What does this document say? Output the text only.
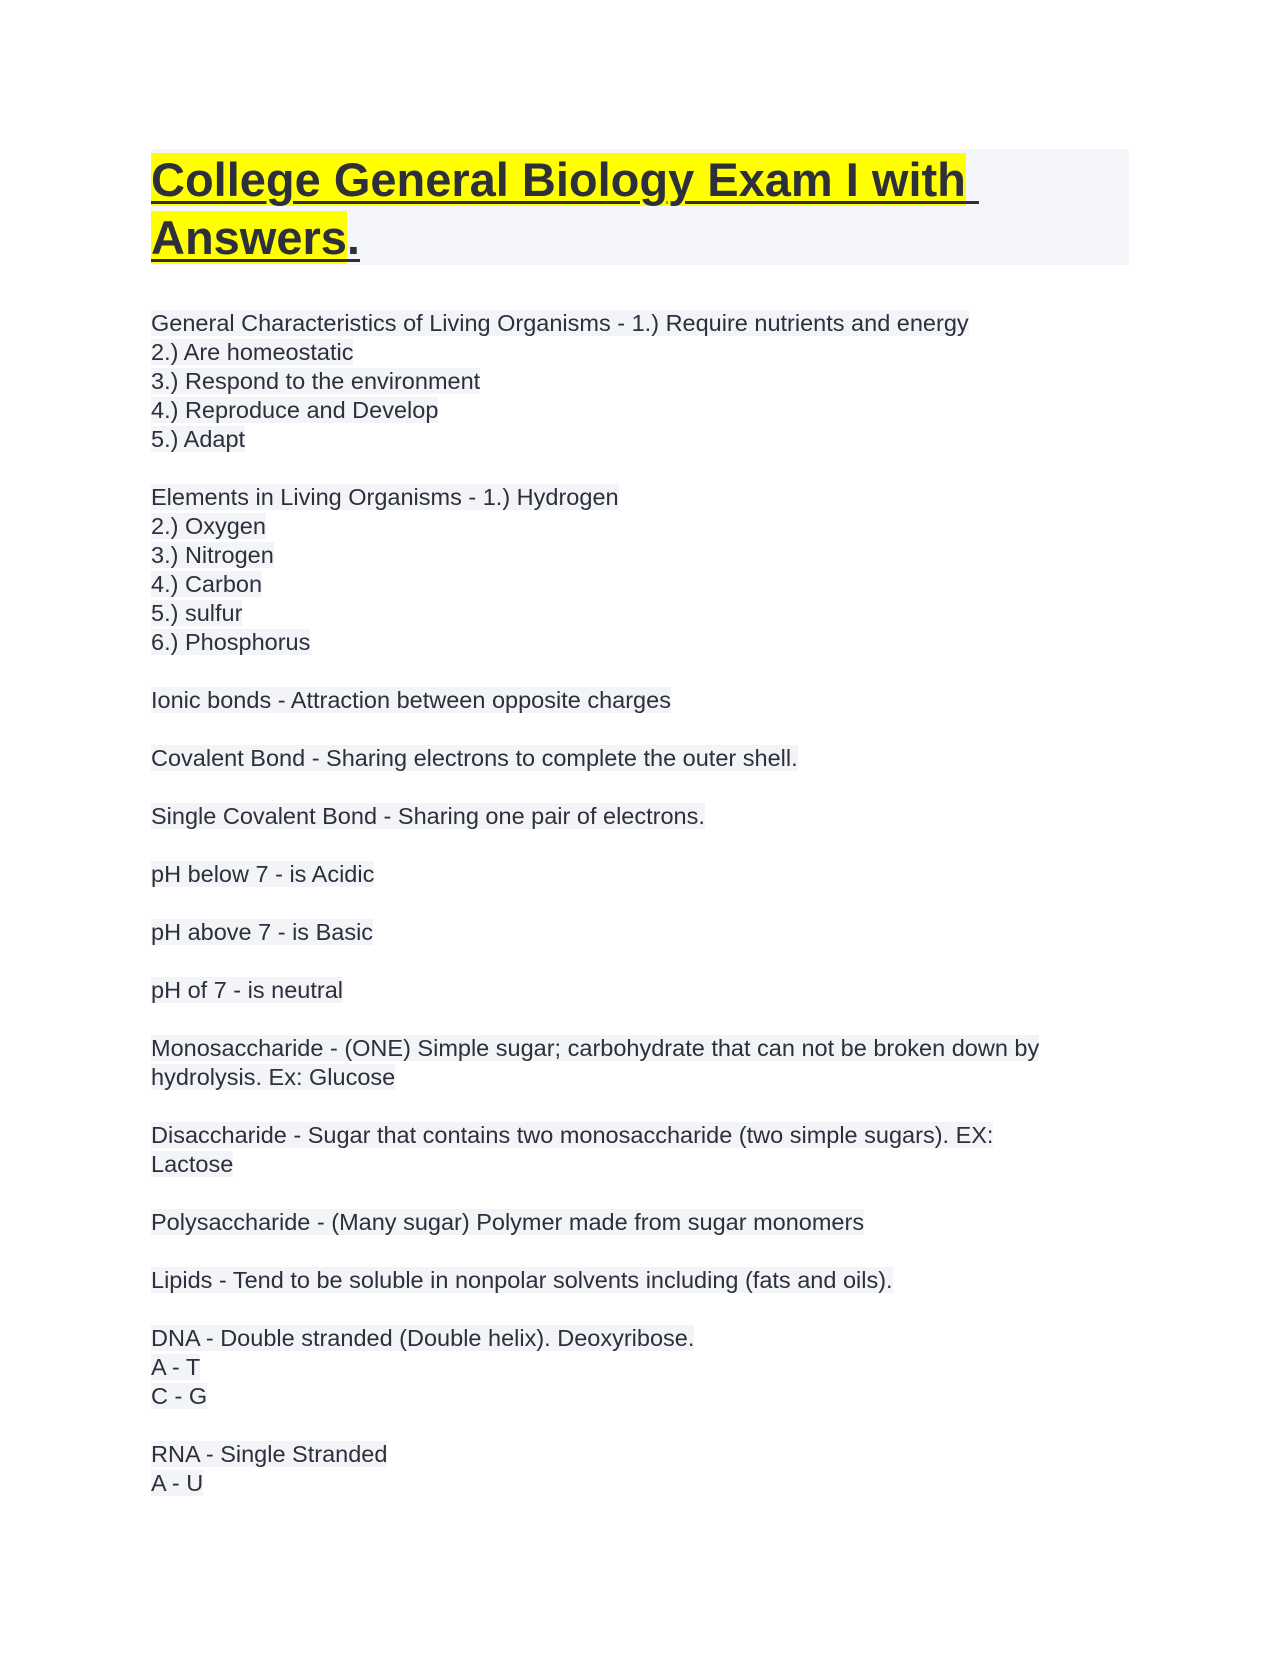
College General Biology Exam I with
Answers.
General Characteristics of Living Organisms - 1.) Require nutrients and energy
2.) Are homeostatic
3.) Respond to the environment
4.) Reproduce and Develop
5.) Adapt
Elements in Living Organisms - 1.) Hydrogen
2.) Oxygen
3.) Nitrogen
4.) Carbon
5.) sulfur
6.) Phosphorus
Ionic bonds - Attraction between opposite charges
Covalent Bond - Sharing electrons to complete the outer shell.
Single Covalent Bond - Sharing one pair of electrons.
pH below 7 - is Acidic
pH above 7 - is Basic
pH of 7 - is neutral
Monosaccharide - (ONE) Simple sugar; carbohydrate that can not be broken down by
hydrolysis. Ex: Glucose
Disaccharide - Sugar that contains two monosaccharide (two simple sugars). EX:
Lactose
Polysaccharide - (Many sugar) Polymer made from sugar monomers
Lipids - Tend to be soluble in nonpolar solvents including (fats and oils).
DNA - Double stranded (Double helix). Deoxyribose.
A - T
C - G
RNA - Single Stranded
A - U
